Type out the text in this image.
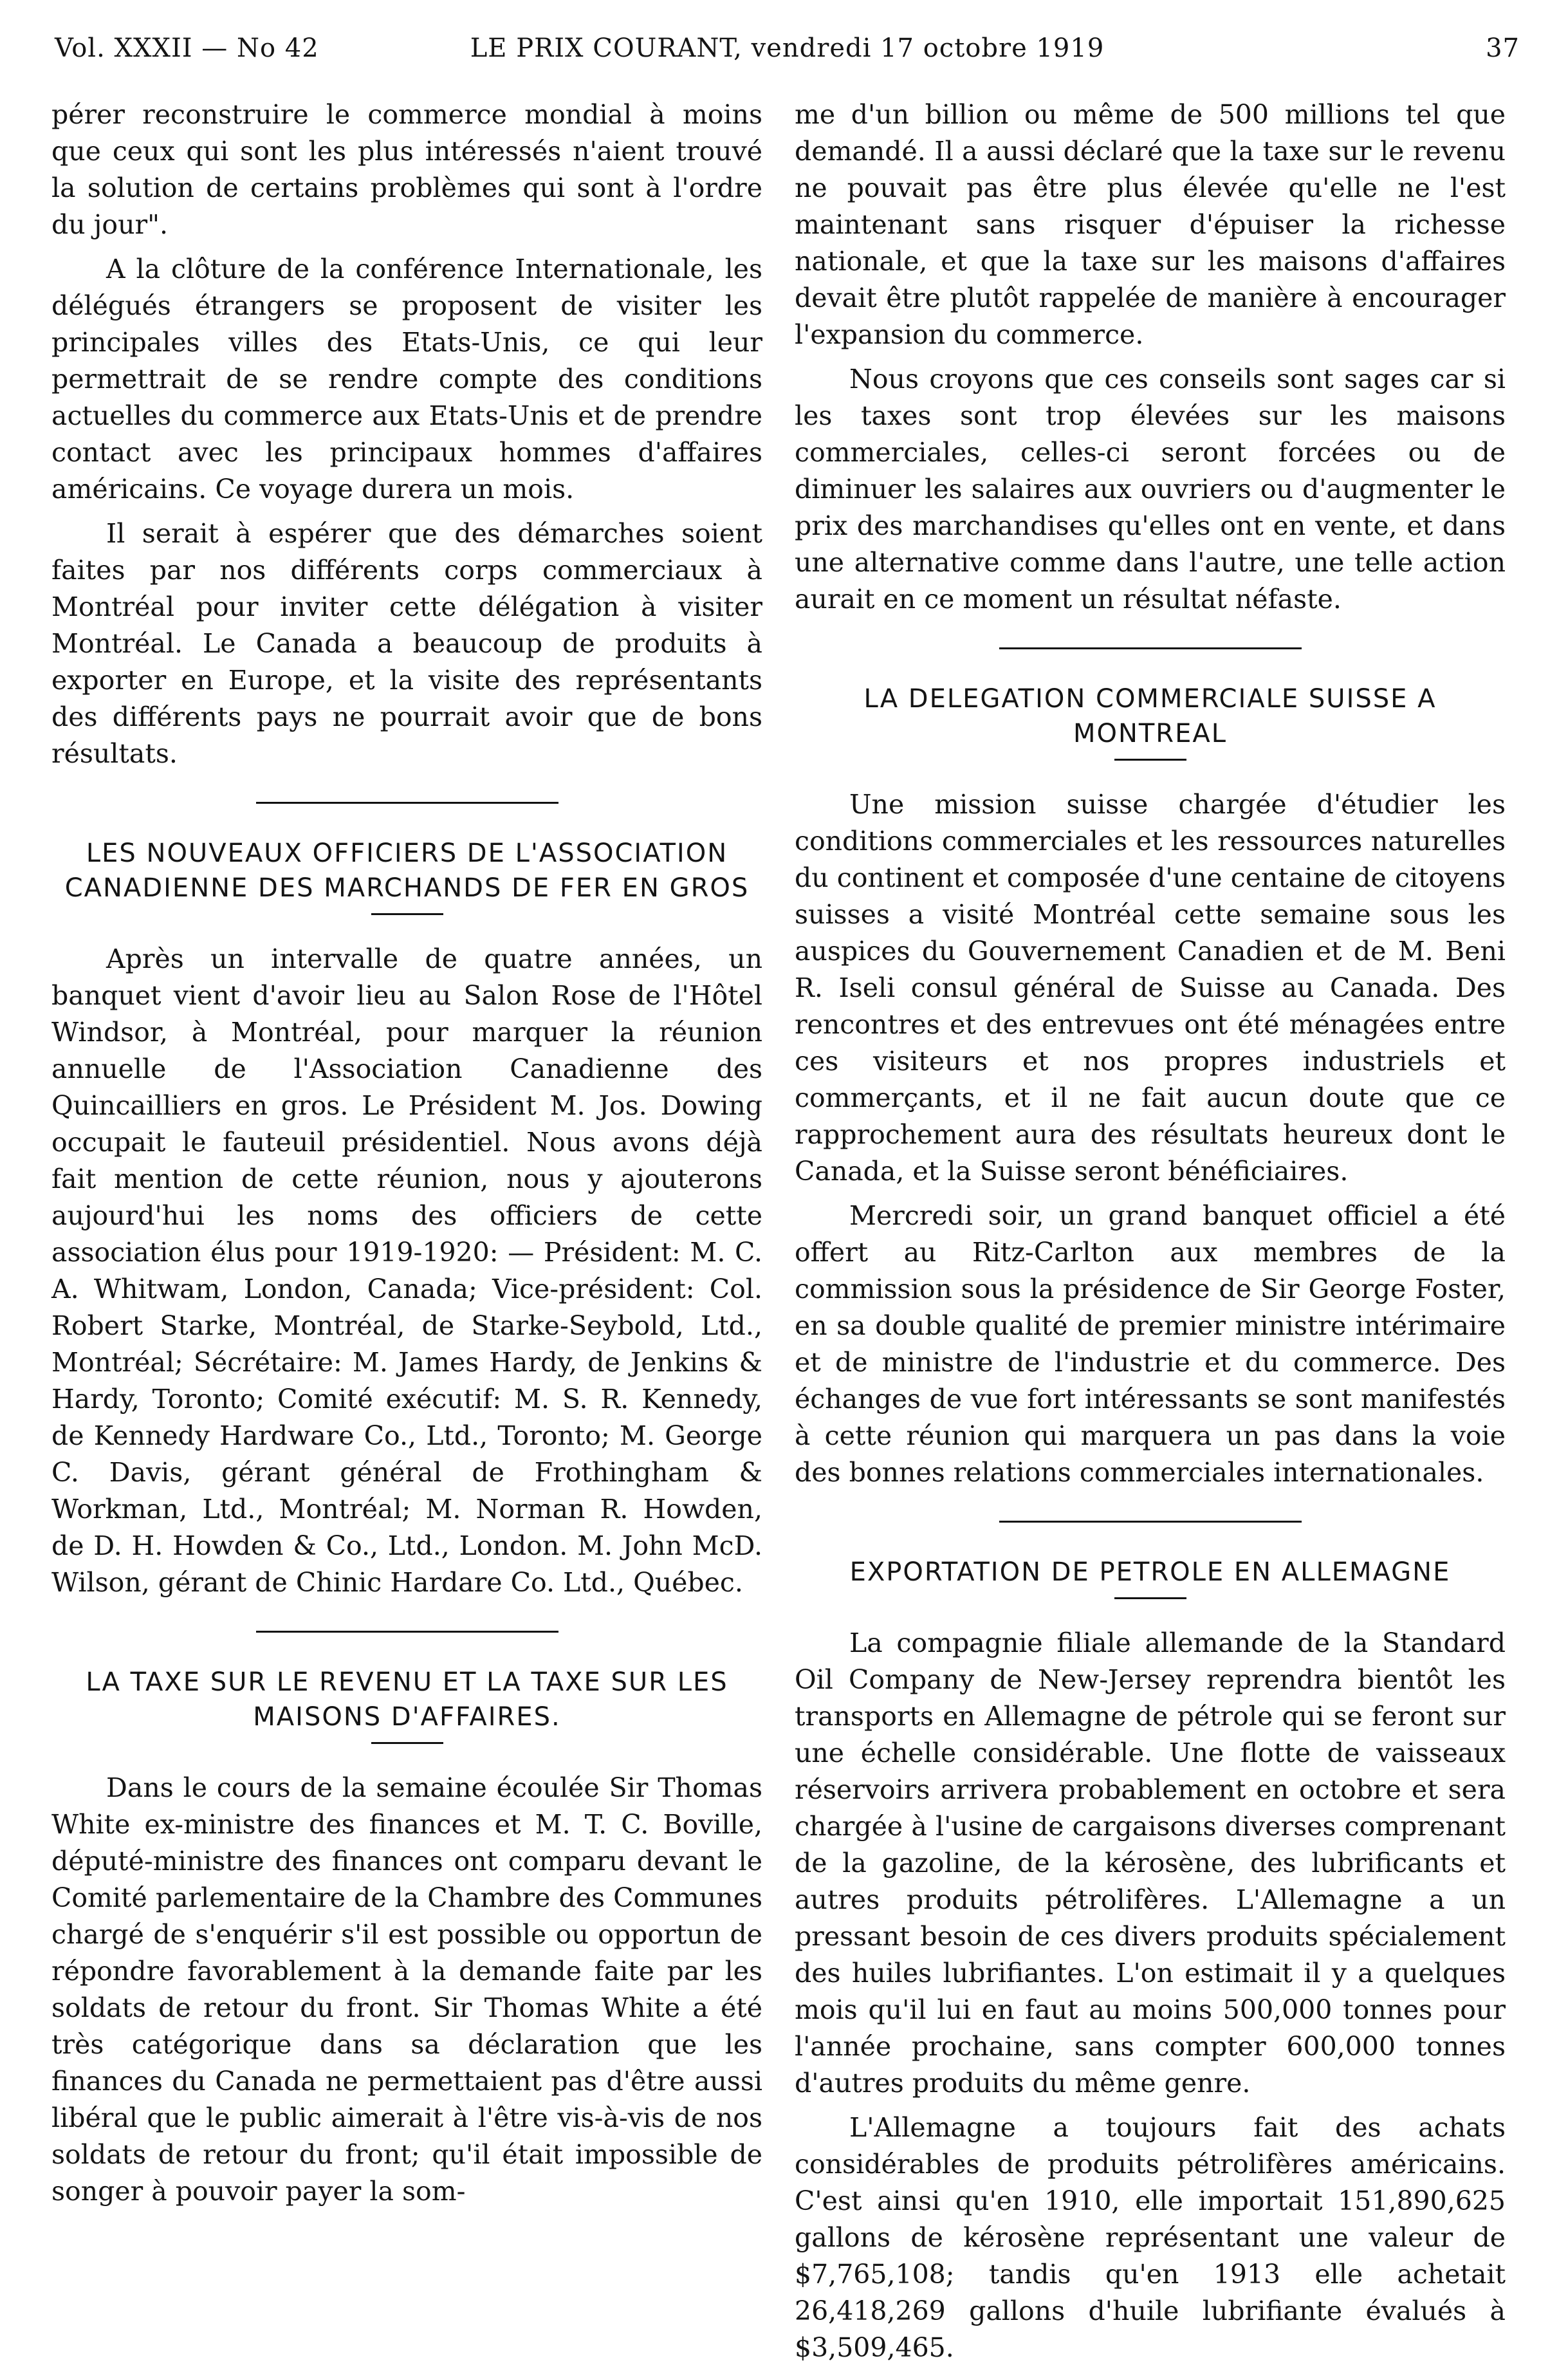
Vol. XXXII — No 42	LE PRIX COURANT, vendredi 17 octobre 1919	37

pérer reconstruire le commerce mondial à moins que ceux qui sont les plus intéressés n'aient trouvé la solution de certains problèmes qui sont à l'ordre du jour".

A la clôture de la conférence Internationale, les délégués étrangers se proposent de visiter les principales villes des Etats-Unis, ce qui leur permettrait de se rendre compte des conditions actuelles du commerce aux Etats-Unis et de prendre contact avec les principaux hommes d'affaires américains. Ce voyage durera un mois.

Il serait à espérer que des démarches soient faites par nos différents corps commerciaux à Montréal pour inviter cette délégation à visiter Montréal. Le Canada a beaucoup de produits à exporter en Europe, et la visite des représentants des différents pays ne pourrait avoir que de bons résultats.

LES NOUVEAUX OFFICIERS DE L'ASSOCIATION CANADIENNE DES MARCHANDS DE FER EN GROS

Après un intervalle de quatre années, un banquet vient d'avoir lieu au Salon Rose de l'Hôtel Windsor, à Montréal, pour marquer la réunion annuelle de l'Association Canadienne des Quincailliers en gros. Le Président M. Jos. Dowing occupait le fauteuil présidentiel. Nous avons déjà fait mention de cette réunion, nous y ajouterons aujourd'hui les noms des officiers de cette association élus pour 1919-1920: — Président: M. C. A. Whitwam, London, Canada; Vice-président: Col. Robert Starke, Montréal, de Starke-Seybold, Ltd., Montréal; Sécrétaire: M. James Hardy, de Jenkins & Hardy, Toronto; Comité exécutif: M. S. R. Kennedy, de Kennedy Hardware Co., Ltd., Toronto; M. George C. Davis, gérant général de Frothingham & Workman, Ltd., Montréal; M. Norman R. Howden, de D. H. Howden & Co., Ltd., London. M. John McD. Wilson, gérant de Chinic Hardare Co. Ltd., Québec.

LA TAXE SUR LE REVENU ET LA TAXE SUR LES MAISONS D'AFFAIRES.

Dans le cours de la semaine écoulée Sir Thomas White ex-ministre des finances et M. T. C. Boville, député-ministre des finances ont comparu devant le Comité parlementaire de la Chambre des Communes chargé de s'enquérir s'il est possible ou opportun de répondre favorablement à la demande faite par les soldats de retour du front. Sir Thomas White a été très catégorique dans sa déclaration que les finances du Canada ne permettaient pas d'être aussi libéral que le public aimerait à l'être vis-à-vis de nos soldats de retour du front; qu'il était impossible de songer à pouvoir payer la som-

me d'un billion ou même de 500 millions tel que demandé. Il a aussi déclaré que la taxe sur le revenu ne pouvait pas être plus élevée qu'elle ne l'est maintenant sans risquer d'épuiser la richesse nationale, et que la taxe sur les maisons d'affaires devait être plutôt rappelée de manière à encourager l'expansion du commerce.

Nous croyons que ces conseils sont sages car si les taxes sont trop élevées sur les maisons commerciales, celles-ci seront forcées ou de diminuer les salaires aux ouvriers ou d'augmenter le prix des marchandises qu'elles ont en vente, et dans une alternative comme dans l'autre, une telle action aurait en ce moment un résultat néfaste.

LA DELEGATION COMMERCIALE SUISSE A MONTREAL

Une mission suisse chargée d'étudier les conditions commerciales et les ressources naturelles du continent et composée d'une centaine de citoyens suisses a visité Montréal cette semaine sous les auspices du Gouvernement Canadien et de M. Beni R. Iseli consul général de Suisse au Canada. Des rencontres et des entrevues ont été ménagées entre ces visiteurs et nos propres industriels et commerçants, et il ne fait aucun doute que ce rapprochement aura des résultats heureux dont le Canada, et la Suisse seront bénéficiaires.

Mercredi soir, un grand banquet officiel a été offert au Ritz-Carlton aux membres de la commission sous la présidence de Sir George Foster, en sa double qualité de premier ministre intérimaire et de ministre de l'industrie et du commerce. Des échanges de vue fort intéressants se sont manifestés à cette réunion qui marquera un pas dans la voie des bonnes relations commerciales internationales.

EXPORTATION DE PETROLE EN ALLEMAGNE

La compagnie filiale allemande de la Standard Oil Company de New-Jersey reprendra bientôt les transports en Allemagne de pétrole qui se feront sur une échelle considérable. Une flotte de vaisseaux réservoirs arrivera probablement en octobre et sera chargée à l'usine de cargaisons diverses comprenant de la gazoline, de la kérosène, des lubrificants et autres produits pétrolifères. L'Allemagne a un pressant besoin de ces divers produits spécialement des huiles lubrifiantes. L'on estimait il y a quelques mois qu'il lui en faut au moins 500,000 tonnes pour l'année prochaine, sans compter 600,000 tonnes d'autres produits du même genre.

L'Allemagne a toujours fait des achats considérables de produits pétrolifères américains. C'est ainsi qu'en 1910, elle importait 151,890,625 gallons de kérosène représentant une valeur de $7,765,108; tandis qu'en 1913 elle achetait 26,418,269 gallons d'huile lubrifiante évalués à $3,509,465.
